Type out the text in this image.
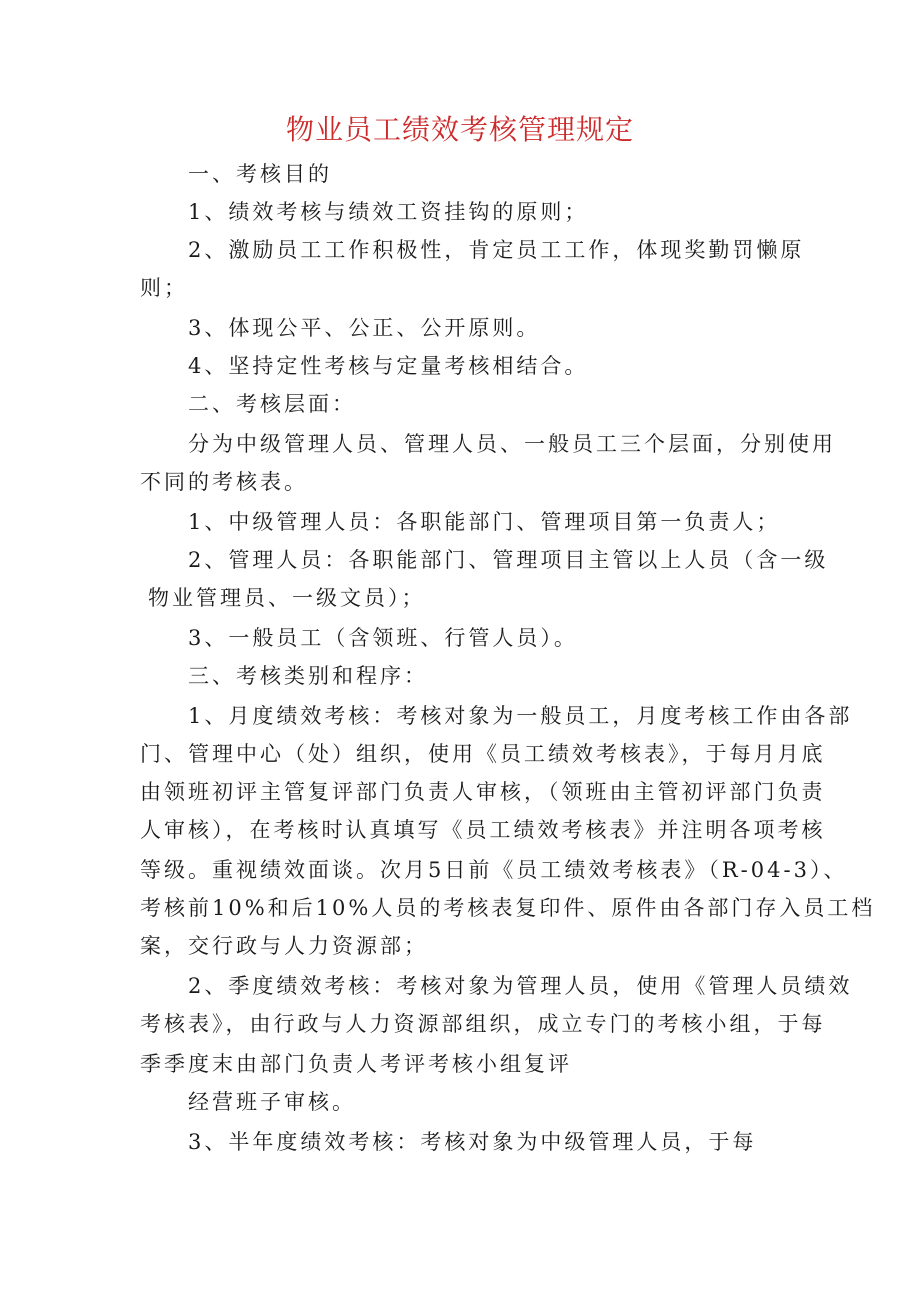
物业员工绩效考核管理规定
一、考核目的
1、绩效考核与绩效工资挂钩的原则；
2、激励员工工作积极性，肯定员工工作，体现奖勤罚懒原
则；
3、体现公平、公正、公开原则。
4、坚持定性考核与定量考核相结合。
二、考核层面：
分为中级管理人员、管理人员、一般员工三个层面，分别使用
不同的考核表。
1、中级管理人员：各职能部门、管理项目第一负责人；
2、管理人员：各职能部门、管理项目主管以上人员（含一级
物业管理员、一级文员）；
3、一般员工（含领班、行管人员）。
三、考核类别和程序：
1、月度绩效考核：考核对象为一般员工，月度考核工作由各部
门、管理中心（处）组织，使用《员工绩效考核表》，于每月月底
由领班初评主管复评部门负责人审核，（领班由主管初评部门负责
人审核），在考核时认真填写《员工绩效考核表》并注明各项考核
等级。重视绩效面谈。次月5日前《员工绩效考核表》（R-04-3）、
考核前10%和后10%人员的考核表复印件、原件由各部门存入员工档
案，交行政与人力资源部；
2、季度绩效考核：考核对象为管理人员，使用《管理人员绩效
考核表》，由行政与人力资源部组织，成立专门的考核小组，于每
季季度末由部门负责人考评考核小组复评
经营班子审核。
3、半年度绩效考核：考核对象为中级管理人员，于每
